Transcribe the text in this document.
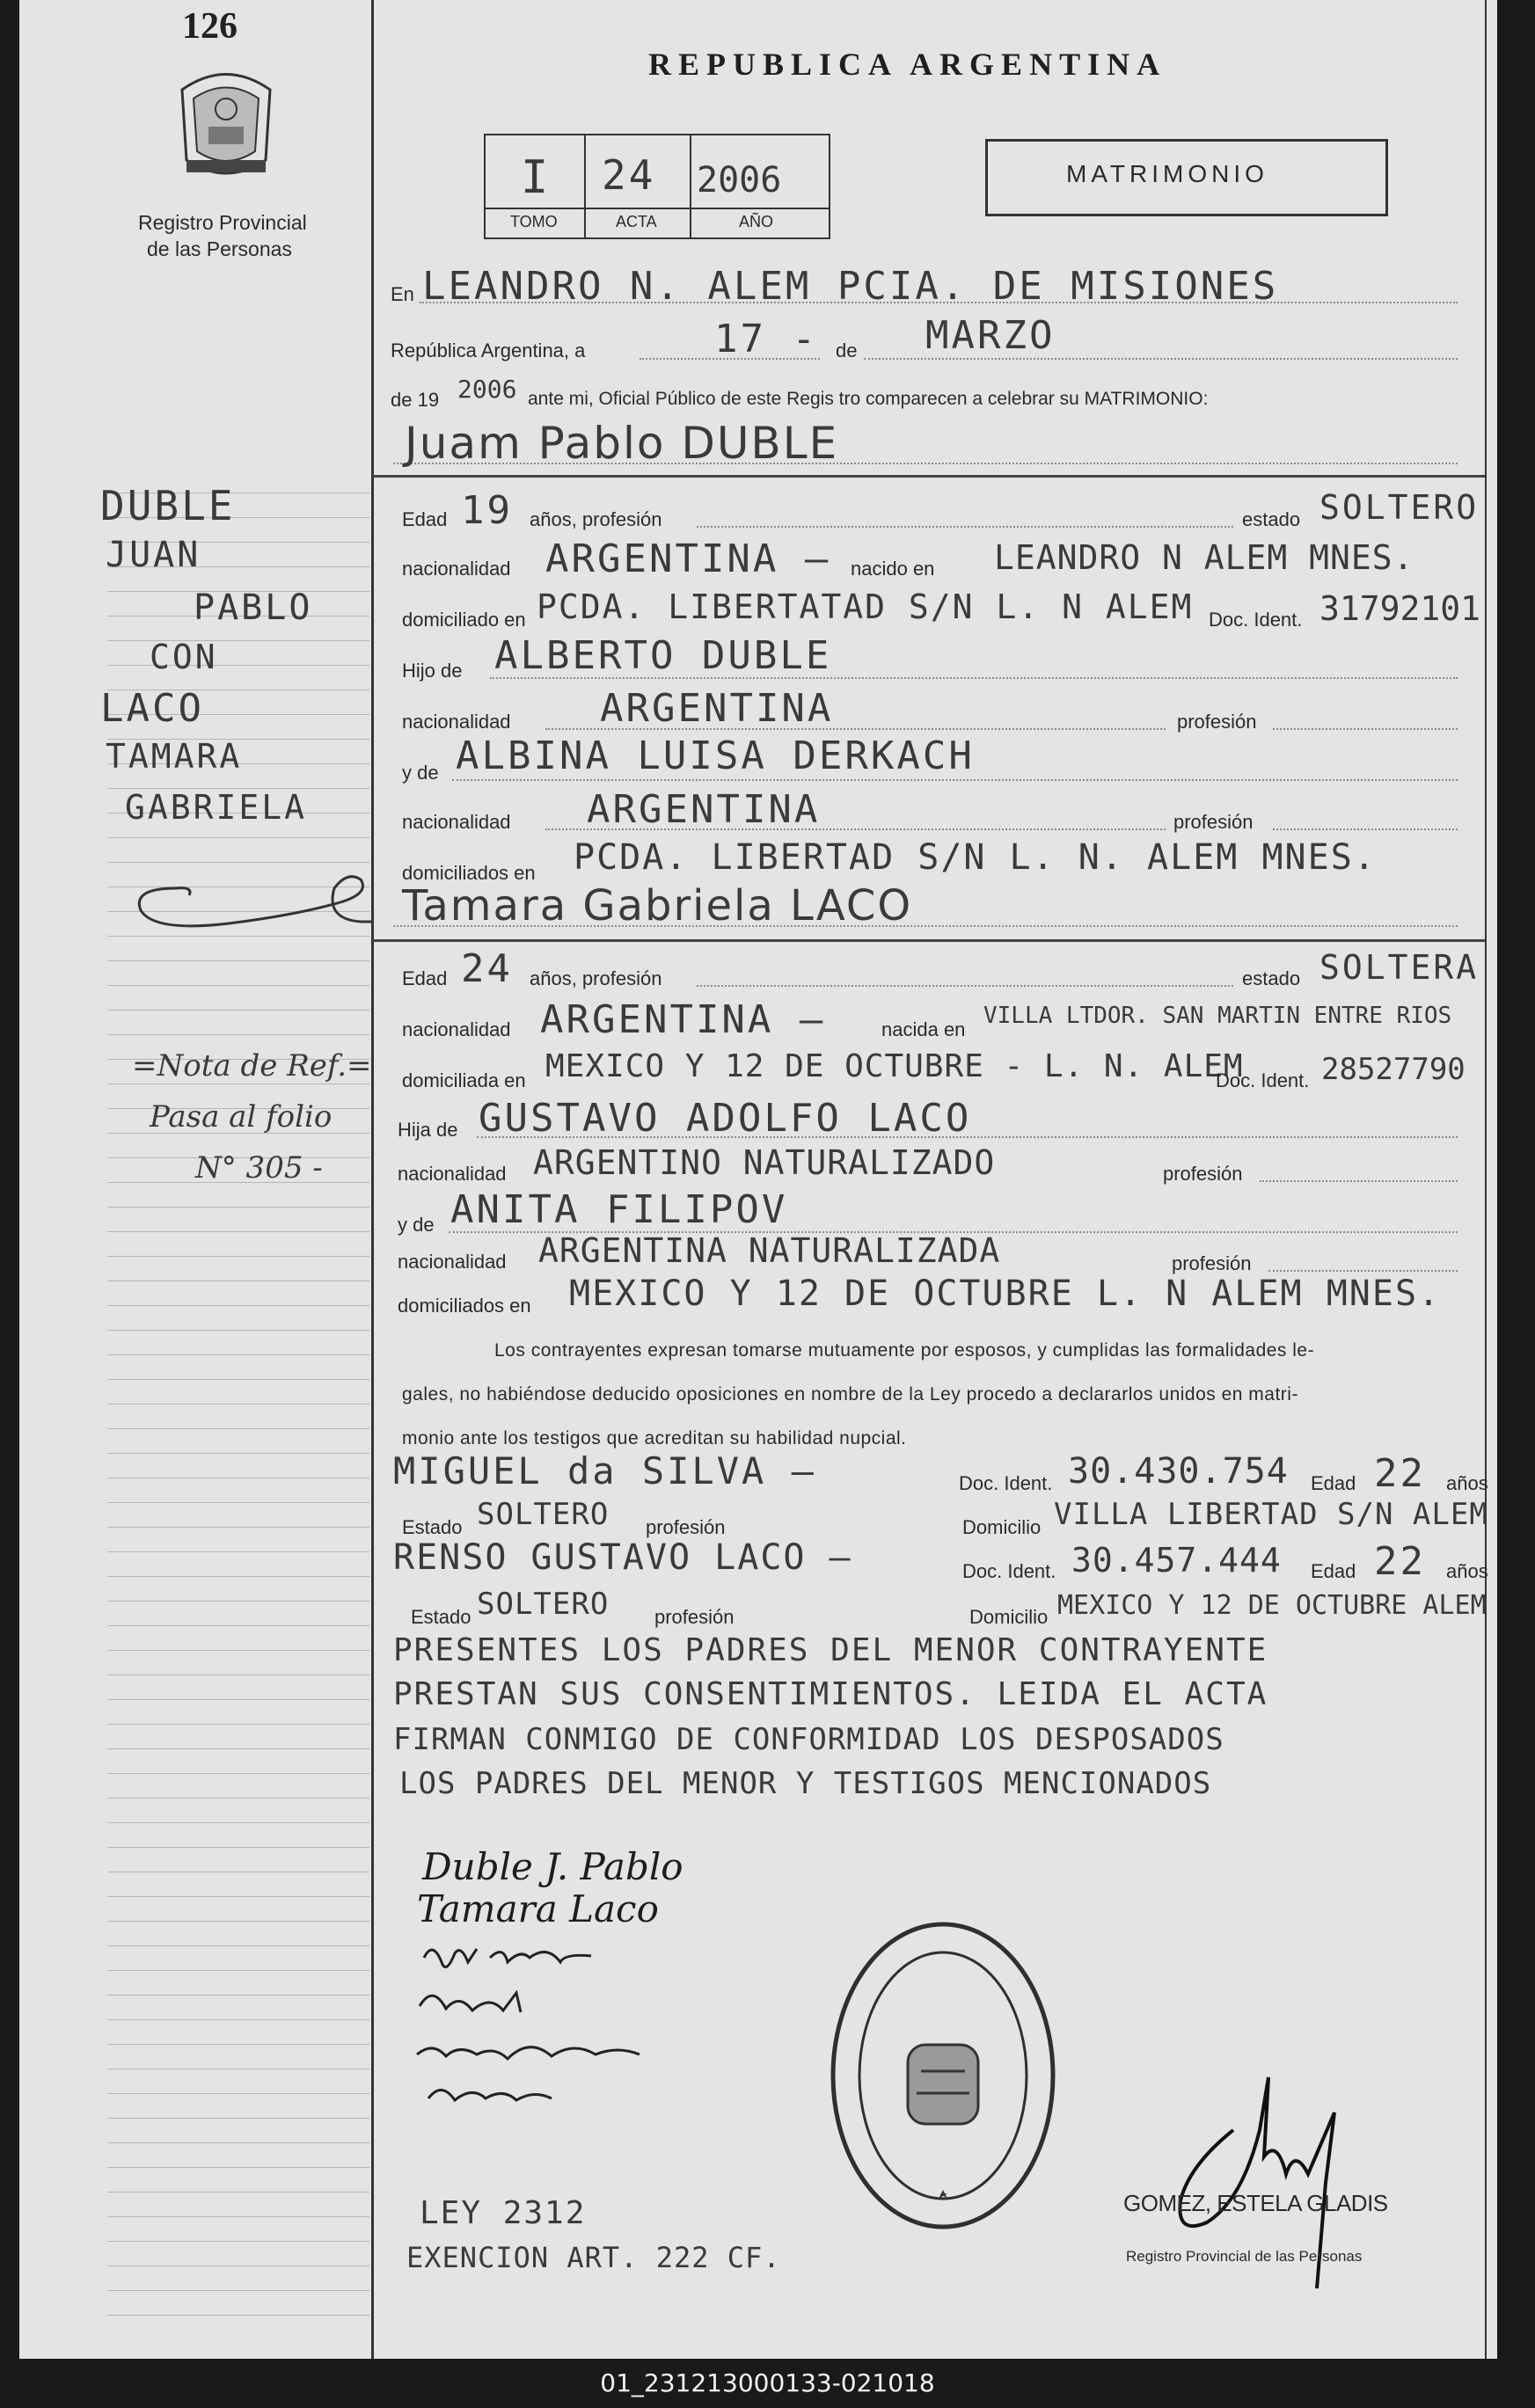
126
Registro Provincial
de las Personas
DUBLE
JUAN
PABLO
CON
LACO
TAMARA
GABRIELA
=Nota de Ref.=
Pasa al folio
N° 305 -
REPUBLICA ARGENTINA
I 24 2006
TOMO	ACTA	AÑO
MATRIMONIO
En LEANDRO N. ALEM PCIA. DE MISIONES
República Argentina, a	17 - de MARZO
de 19 2006 ante mi, Oficial Público de este Regis tro comparecen a celebrar su MATRIMONIO:
Juam Pablo DUBLE
Edad 19 años, profesión	estado SOLTERO
nacionalidad ARGENTINA — nacido en LEANDRO N ALEM MNES.
domiciliado en PCDA. LIBERTATAD S/N L. N ALEM Doc. Ident. 31792101
Hijo de ALBERTO DUBLE
nacionalidad ARGENTINA	profesión
y de ALBINA LUISA DERKACH
nacionalidad ARGENTINA	profesión
domiciliados en PCDA. LIBERTAD S/N L. N. ALEM MNES.
Tamara Gabriela LACO
Edad 24 años, profesión	estado SOLTERA
nacionalidad ARGENTINA —	nacida en
VILLA LTDOR. SAN MARTIN ENTRE RIOS
domiciliada en MEXICO Y 12 DE OCTUBRE - L. N. ALEM
Doc. Ident. 28527790
Hija de GUSTAVO ADOLFO LACO
nacionalidad ARGENTINO NATURALIZADO	profesión
y de ANITA FILIPOV
nacionalidad ARGENTINA NATURALIZADA	profesión
domiciliados en MEXICO Y 12 DE OCTUBRE L. N ALEM MNES.
Los contrayentes expresan tomarse mutuamente por esposos, y cumplidas las formalidades le-
gales, no habiéndose deducido oposiciones en nombre de la Ley procedo a declararlos unidos en matri-
monio ante los testigos que acreditan su habilidad nupcial.
MIGUEL da SILVA —	Doc. Ident. 30.430.754 Edad 22 años
Estado SOLTERO profesión	Domicilio VILLA LIBERTAD S/N ALEM
RENSO GUSTAVO LACO —	Doc. Ident. 30.457.444 Edad 22 años
Estado SOLTERO profesión	Domicilio MEXICO Y 12 DE OCTUBRE ALEM
PRESENTES LOS PADRES DEL MENOR CONTRAYENTE
PRESTAN SUS CONSENTIMIENTOS. LEIDA EL ACTA
FIRMAN CONMIGO DE CONFORMIDAD LOS DESPOSADOS
LOS PADRES DEL MENOR Y TESTIGOS MENCIONADOS
Duble J. Pablo
Tamara Laco
GOMEZ, ESTELA GLADIS
Registro Provincial de las Personas
LEY 2312
EXENCION ART. 222 CF.
01_231213000133-021018
